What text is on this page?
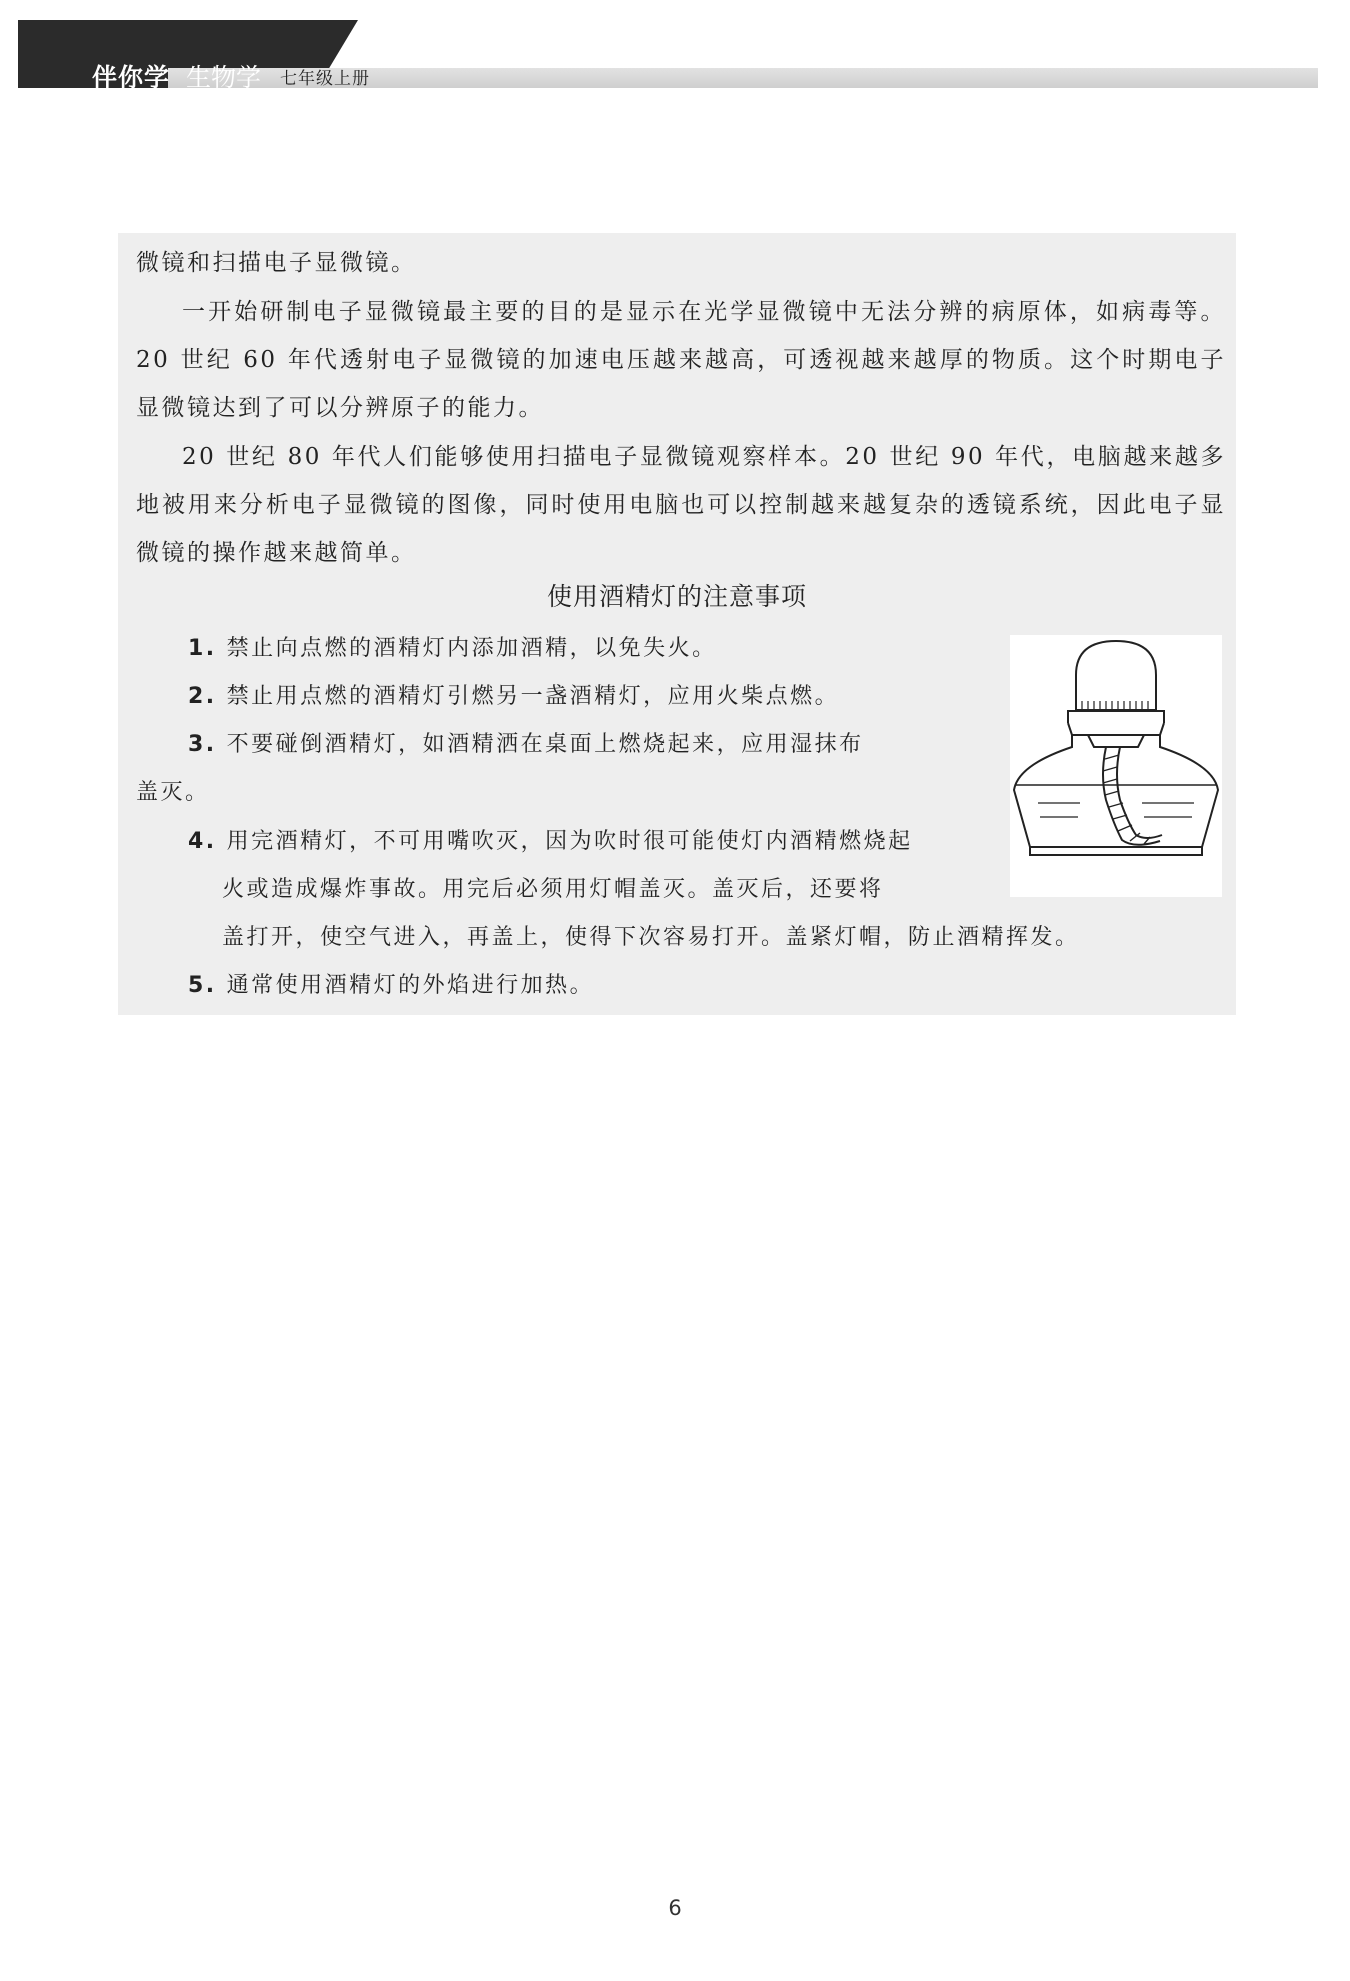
伴你学 生物学 七年级上册
微镜和扫描电子显微镜。
一开始研制电子显微镜最主要的目的是显示在光学显微镜中无法分辨的病原体，如病毒等。20 世纪 60 年代透射电子显微镜的加速电压越来越高，可透视越来越厚的物质。这个时期电子显微镜达到了可以分辨原子的能力。
20 世纪 80 年代人们能够使用扫描电子显微镜观察样本。20 世纪 90 年代，电脑越来越多地被用来分析电子显微镜的图像，同时使用电脑也可以控制越来越复杂的透镜系统，因此电子显微镜的操作越来越简单。
使用酒精灯的注意事项
1. 禁止向点燃的酒精灯内添加酒精，以免失火。
2. 禁止用点燃的酒精灯引燃另一盏酒精灯，应用火柴点燃。
3. 不要碰倒酒精灯，如酒精洒在桌面上燃烧起来，应用湿抹布
盖灭。
4. 用完酒精灯，不可用嘴吹灭，因为吹时很可能使灯内酒精燃烧起
火或造成爆炸事故。用完后必须用灯帽盖灭。盖灭后，还要将
盖打开，使空气进入，再盖上，使得下次容易打开。盖紧灯帽，防止酒精挥发。
5. 通常使用酒精灯的外焰进行加热。
6
